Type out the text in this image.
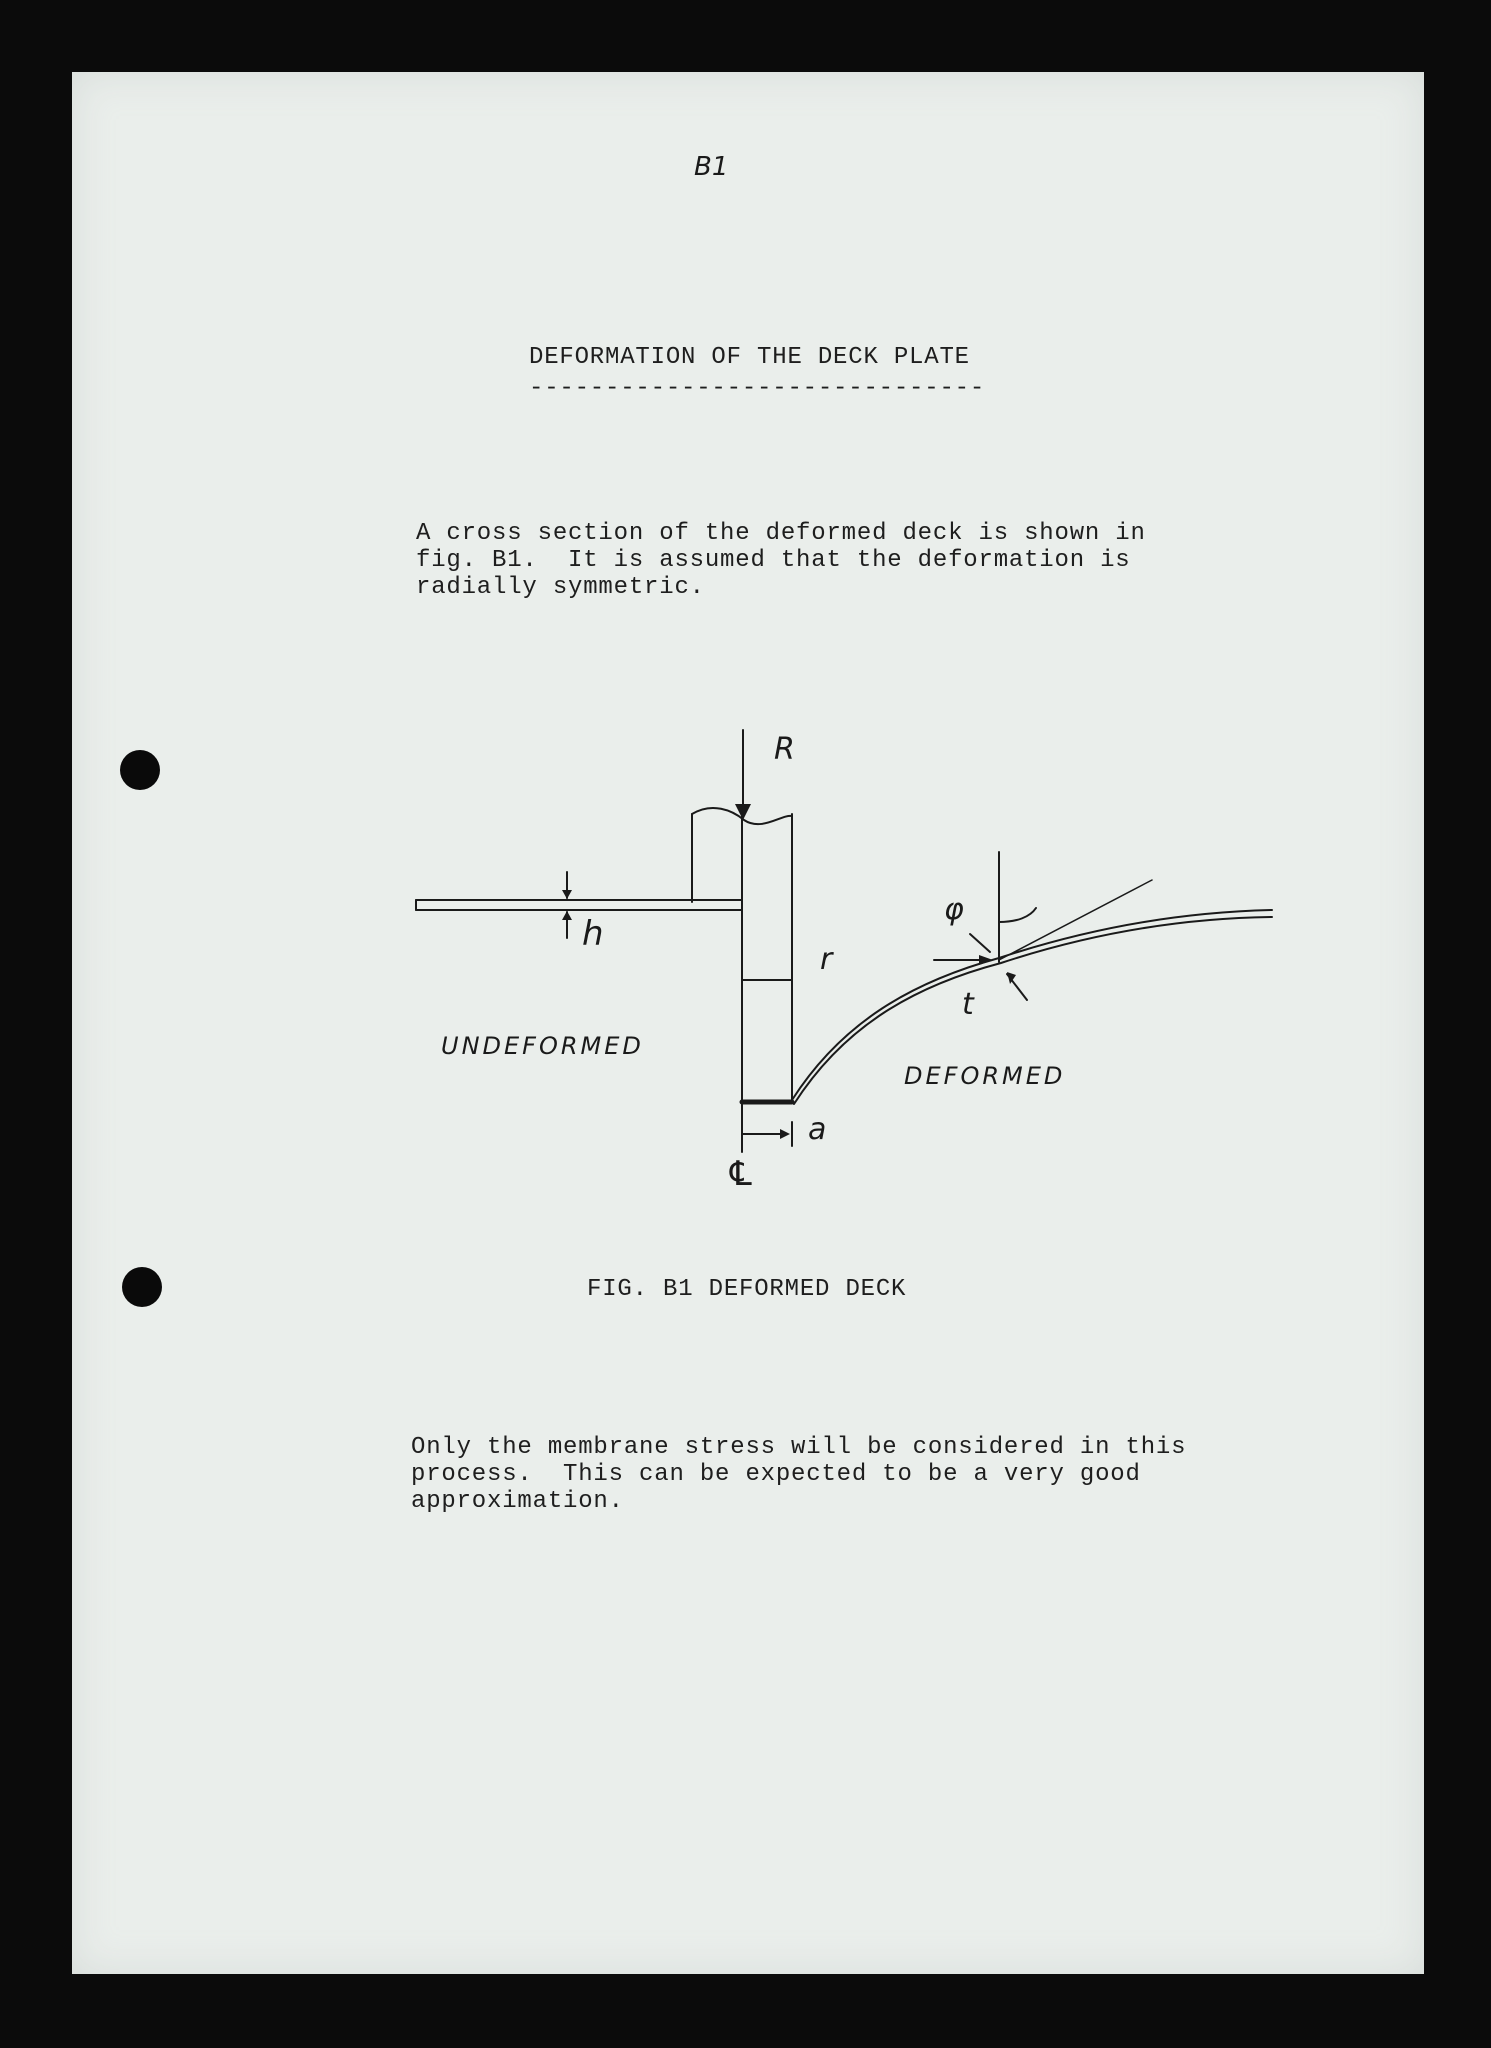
B1
DEFORMATION OF THE DECK PLATE
------------------------------
A cross section of the deformed deck is shown in
fig. B1.  It is assumed that the deformation is
radially symmetric.
R
h
UNDEFORMED
DEFORMED
r
φ
t
a
℄
FIG. B1 DEFORMED DECK
Only the membrane stress will be considered in this
process.  This can be expected to be a very good
approximation.
